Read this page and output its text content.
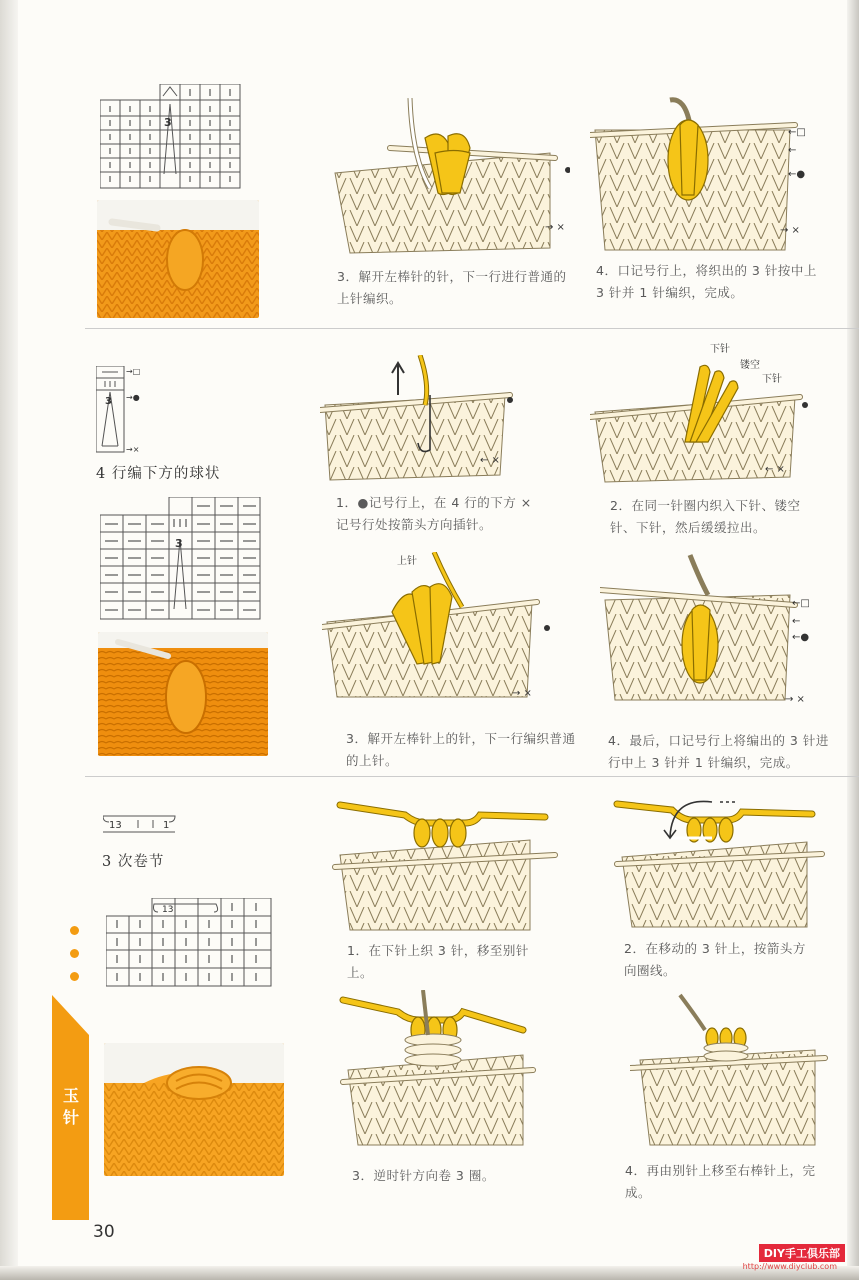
3
→ ×
3．解开左棒针的针，下一行进行普通的上针编织。
←□
←
←●
→ ×
4．口记号行上，将织出的 3 针按中上 3 针并 1 针编织，完成。
3
→□
→●
→×
4 行编下方的球状
3
← ×
1．●记号行上，在 4 行的下方 × 记号行处按箭头方向插针。
下针
镂空
下针
← ×
2．在同一针圈内织入下针、镂空针、下针，然后缓缓拉出。
上针
→ ×
3．解开左棒针上的针，下一行编织普通的上针。
←□
←
←●
→ ×
4．最后，口记号行上将编出的 3 针进行中上 3 针并 1 针编织，完成。
13	1
3 次卷节
13
玉针
1．在下针上织 3 针，移至别针上。
2．在移动的 3 针上，按箭头方向圈线。
3．逆时针方向卷 3 圈。	4．再由别针上移至右棒针上，完成。
30
DIY手工俱乐部
http://www.diyclub.com
